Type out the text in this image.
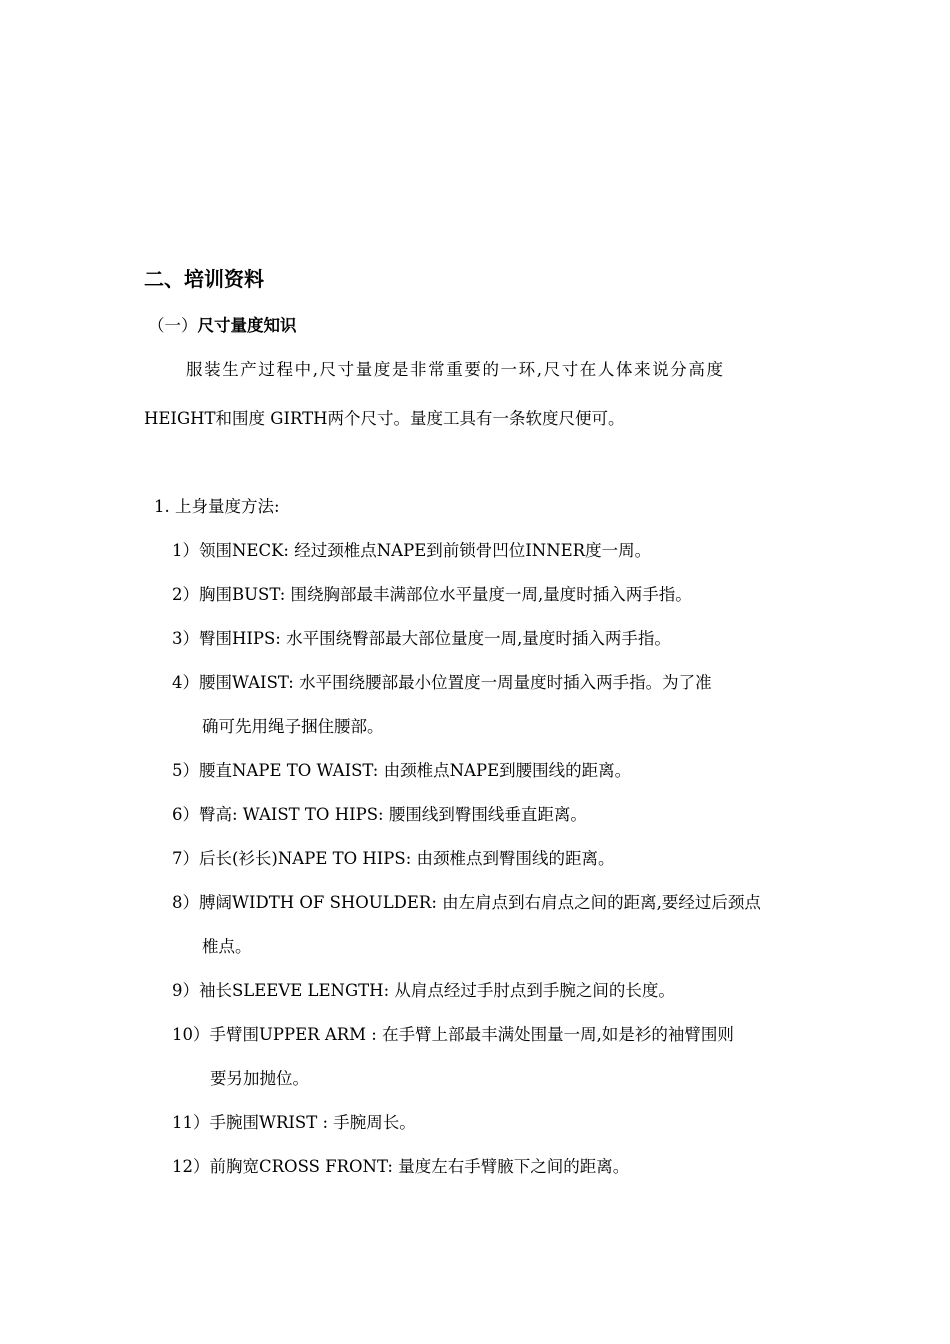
二、培训资料
（一）尺寸量度知识
服装生产过程中,尺寸量度是非常重要的一环,尺寸在人体来说分高度
HEIGHT和围度 GIRTH两个尺寸。量度工具有一条软度尺便可。
1. 上身量度方法:
1）领围NECK: 经过颈椎点NAPE到前锁骨凹位INNER度一周。
2）胸围BUST: 围绕胸部最丰满部位水平量度一周,量度时插入两手指。
3）臀围HIPS: 水平围绕臀部最大部位量度一周,量度时插入两手指。
4）腰围WAIST: 水平围绕腰部最小位置度一周量度时插入两手指。为了准
确可先用绳子捆住腰部。
5）腰直NAPE TO WAIST: 由颈椎点NAPE到腰围线的距离。
6）臀高: WAIST TO HIPS: 腰围线到臀围线垂直距离。
7）后长(衫长)NAPE TO HIPS: 由颈椎点到臀围线的距离。
8）膊阔WIDTH OF SHOULDER: 由左肩点到右肩点之间的距离,要经过后颈点
椎点。
9）袖长SLEEVE LENGTH: 从肩点经过手肘点到手腕之间的长度。
10）手臂围UPPER ARM : 在手臂上部最丰满处围量一周,如是衫的袖臂围则
要另加抛位。
11）手腕围WRIST : 手腕周长。
12）前胸宽CROSS FRONT: 量度左右手臂腋下之间的距离。
